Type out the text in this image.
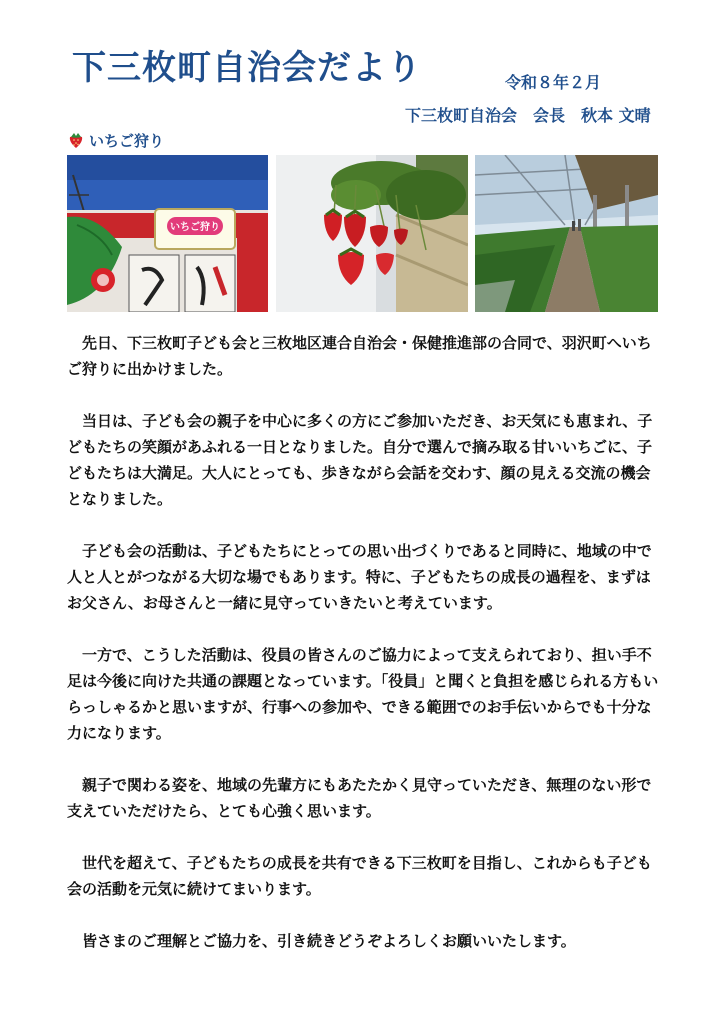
下三枚町自治会だより	令和８年２月
下三枚町自治会　会長　秋本 文晴
いちご狩り
いちご狩り

先日、下三枚町子ども会と三枚地区連合自治会・保健推進部の合同で、羽沢町へいちご狩りに出かけました。

当日は、子ども会の親子を中心に多くの方にご参加いただき、お天気にも恵まれ、子どもたちの笑顔があふれる一日となりました。自分で選んで摘み取る甘いいちごに、子どもたちは大満足。大人にとっても、歩きながら会話を交わす、顔の見える交流の機会となりました。

子ども会の活動は、子どもたちにとっての思い出づくりであると同時に、地域の中で人と人とがつながる大切な場でもあります。特に、子どもたちの成長の過程を、まずはお父さん、お母さんと一緒に見守っていきたいと考えています。

一方で、こうした活動は、役員の皆さんのご協力によって支えられており、担い手不足は今後に向けた共通の課題となっています。「役員」と聞くと負担を感じられる方もいらっしゃるかと思いますが、行事への参加や、できる範囲でのお手伝いからでも十分な力になります。

親子で関わる姿を、地域の先輩方にもあたたかく見守っていただき、無理のない形で支えていただけたら、とても心強く思います。

世代を超えて、子どもたちの成長を共有できる下三枚町を目指し、これからも子ども会の活動を元気に続けてまいります。

皆さまのご理解とご協力を、引き続きどうぞよろしくお願いいたします。
